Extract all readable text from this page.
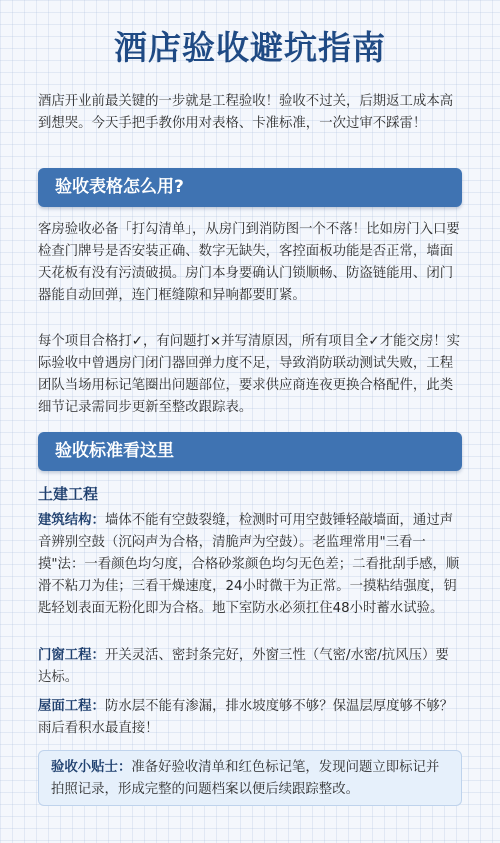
酒店验收避坑指南

酒店开业前最关键的一步就是工程验收！验收不过关，后期返工成本高到想哭。今天手把手教你用对表格、卡准标准，一次过审不踩雷！

验收表格怎么用?

客房验收必备「打勾清单」，从房门到消防图一个不落！比如房门入口要检查门牌号是否安装正确、数字无缺失，客控面板功能是否正常，墙面天花板有没有污渍破损。房门本身要确认门锁顺畅、防盗链能用、闭门器能自动回弹，连门框缝隙和异响都要盯紧。

每个项目合格打✓，有问题打×并写清原因，所有项目全✓才能交房！实际验收中曾遇房门闭门器回弹力度不足，导致消防联动测试失败，工程团队当场用标记笔圈出问题部位，要求供应商连夜更换合格配件，此类细节记录需同步更新至整改跟踪表。

验收标准看这里
土建工程

建筑结构：墙体不能有空鼓裂缝，检测时可用空鼓锤轻敲墙面，通过声音辨别空鼓（沉闷声为合格，清脆声为空鼓）。老监理常用"三看一摸"法：一看颜色均匀度，合格砂浆颜色均匀无色差；二看批刮手感，顺滑不粘刀为佳；三看干燥速度，24小时微干为正常。一摸粘结强度，钥匙轻划表面无粉化即为合格。地下室防水必须扛住48小时蓄水试验。

门窗工程：开关灵活、密封条完好，外窗三性（气密/水密/抗风压）要达标。

屋面工程：防水层不能有渗漏，排水坡度够不够？保温层厚度够不够？雨后看积水最直接！

验收小贴士：准备好验收清单和红色标记笔，发现问题立即标记并拍照记录，形成完整的问题档案以便后续跟踪整改。
